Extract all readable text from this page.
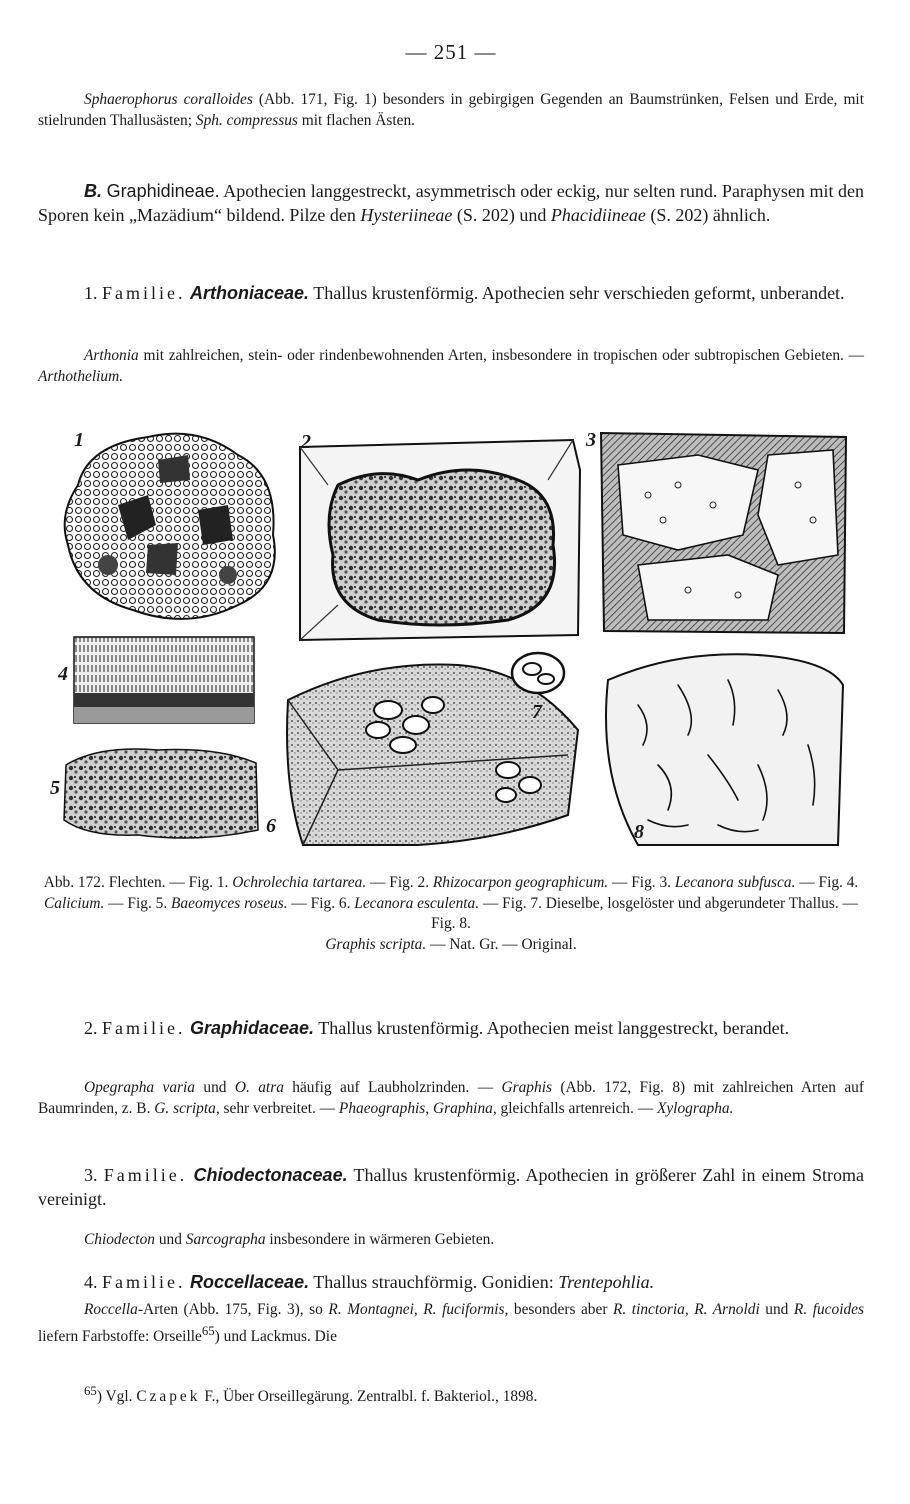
— 251 —

Sphaerophorus coralloides (Abb. 171, Fig. 1) besonders in gebirgigen Gegenden an Baumstrünken, Felsen und Erde, mit stielrunden Thallusästen; Sph. compressus mit flachen Ästen.

B. Graphidineae. Apothecien langgestreckt, asymmetrisch oder eckig, nur selten rund. Paraphysen mit den Sporen kein „Mazädium“ bildend. Pilze den Hysteriineae (S. 202) und Phacidiineae (S. 202) ähnlich.

1. Familie. Arthoniaceae. Thallus krustenförmig. Apothecien sehr verschieden geformt, unberandet.

Arthonia mit zahlreichen, stein- oder rindenbewohnenden Arten, insbesondere in tropischen oder subtropischen Gebieten. — Arthothelium.

1	2	3
4
5
6
7
8

Abb. 172. Flechten. — Fig. 1. Ochrolechia tartarea. — Fig. 2. Rhizocarpon geographicum. — Fig. 3. Lecanora subfusca. — Fig. 4. Calicium. — Fig. 5. Baeomyces roseus. — Fig. 6. Lecanora esculenta. — Fig. 7. Dieselbe, losgelöster und abgerundeter Thallus. — Fig. 8.
Graphis scripta. — Nat. Gr. — Original.

2. Familie. Graphidaceae. Thallus krustenförmig. Apothecien meist langgestreckt, berandet.

Opegrapha varia und O. atra häufig auf Laubholzrinden. — Graphis (Abb. 172, Fig. 8) mit zahlreichen Arten auf Baumrinden, z. B. G. scripta, sehr verbreitet. — Phaeographis, Graphina, gleichfalls artenreich. — Xylographa.

3. Familie. Chiodectonaceae. Thallus krustenförmig. Apothecien in größerer Zahl in einem Stroma vereinigt.

Chiodecton und Sarcographa insbesondere in wärmeren Gebieten.

4. Familie. Roccellaceae. Thallus strauchförmig. Gonidien: Trentepohlia.

Roccella-Arten (Abb. 175, Fig. 3), so R. Montagnei, R. fuciformis, besonders aber R. tinctoria, R. Arnoldi und R. fucoides liefern Farbstoffe: Orseille$^{65}$) und Lackmus. Die

$^{65}$) Vgl. Czapek F., Über Orseillegärung. Zentralbl. f. Bakteriol., 1898.
